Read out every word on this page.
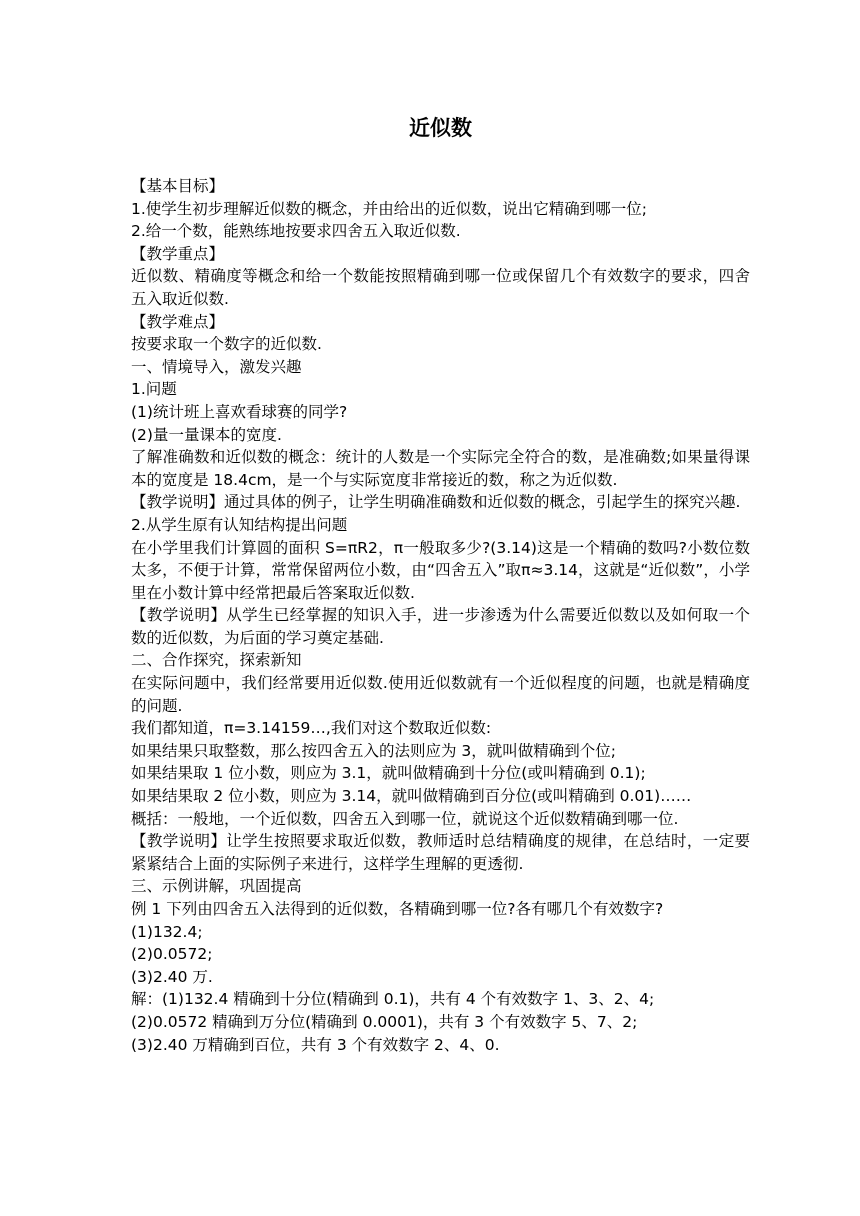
近似数

【基本目标】

1.使学生初步理解近似数的概念，并由给出的近似数，说出它精确到哪一位;

2.给一个数，能熟练地按要求四舍五入取近似数.

【教学重点】

近似数、精确度等概念和给一个数能按照精确到哪一位或保留几个有效数字的要求，四舍五入取近似数.

【教学难点】

按要求取一个数字的近似数.

一、情境导入，激发兴趣

1.问题

(1)统计班上喜欢看球赛的同学?

(2)量一量课本的宽度.

了解准确数和近似数的概念：统计的人数是一个实际完全符合的数，是准确数;如果量得课本的宽度是 18.4cm，是一个与实际宽度非常接近的数，称之为近似数.

【教学说明】通过具体的例子，让学生明确准确数和近似数的概念，引起学生的探究兴趣.

2.从学生原有认知结构提出问题

在小学里我们计算圆的面积 S=πR2，π一般取多少?(3.14)这是一个精确的数吗?小数位数太多，不便于计算，常常保留两位小数，由“四舍五入”取π≈3.14，这就是“近似数”，小学里在小数计算中经常把最后答案取近似数.

【教学说明】从学生已经掌握的知识入手，进一步渗透为什么需要近似数以及如何取一个数的近似数，为后面的学习奠定基础.

二、合作探究，探索新知

在实际问题中，我们经常要用近似数.使用近似数就有一个近似程度的问题，也就是精确度的问题.

我们都知道，π=3.14159…,我们对这个数取近似数:

如果结果只取整数，那么按四舍五入的法则应为 3，就叫做精确到个位;

如果结果取 1 位小数，则应为 3.1，就叫做精确到十分位(或叫精确到 0.1);

如果结果取 2 位小数，则应为 3.14，就叫做精确到百分位(或叫精确到 0.01)……

概括：一般地，一个近似数，四舍五入到哪一位，就说这个近似数精确到哪一位.

【教学说明】让学生按照要求取近似数，教师适时总结精确度的规律，在总结时，一定要紧紧结合上面的实际例子来进行，这样学生理解的更透彻.

三、示例讲解，巩固提高

例 1 下列由四舍五入法得到的近似数，各精确到哪一位?各有哪几个有效数字?

(1)132.4;

(2)0.0572;

(3)2.40 万.

解：(1)132.4 精确到十分位(精确到 0.1)，共有 4 个有效数字 1、3、2、4;

(2)0.0572 精确到万分位(精确到 0.0001)，共有 3 个有效数字 5、7、2;

(3)2.40 万精确到百位，共有 3 个有效数字 2、4、0.
